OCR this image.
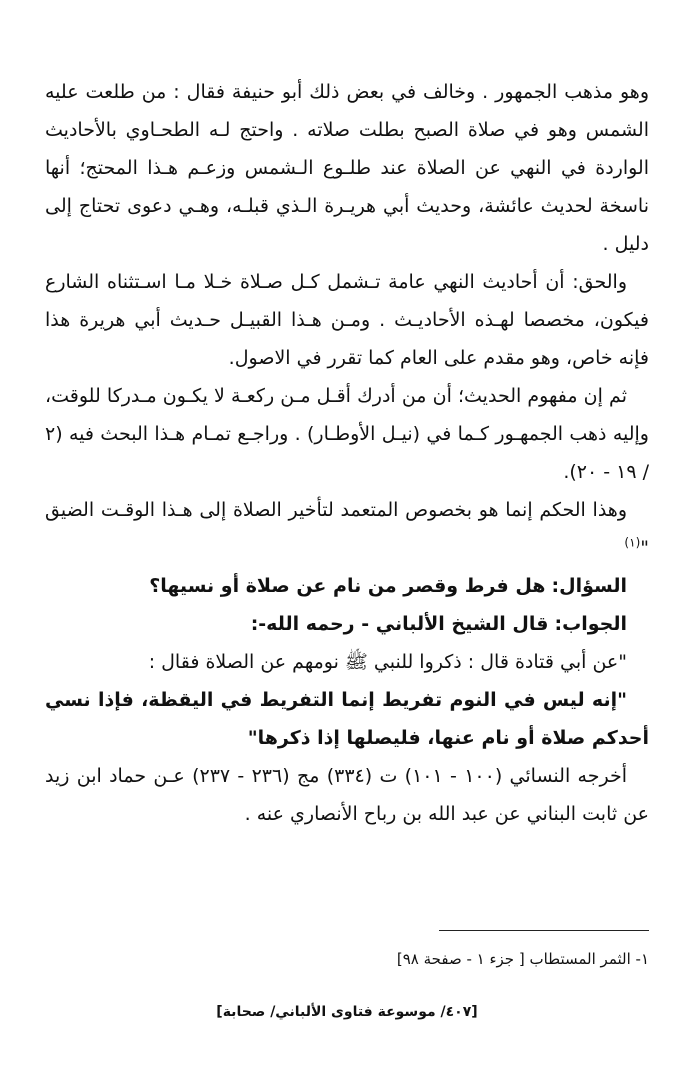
وهو مذهب الجمهور . وخالف في بعض ذلك أبو حنيفة فقال : من طلعت عليه الشمس وهو في صلاة الصبح بطلت صلاته . واحتج لـه الطحـاوي بالأحاديث الواردة في النهي عن الصلاة عند طلـوع الـشمس وزعـم هـذا المحتج؛ أنها ناسخة لحديث عائشة، وحديث أبي هريـرة الـذي قبلـه، وهـي دعوى تحتاج إلى دليل .

والحق: أن أحاديث النهي عامة تـشمل كـل صـلاة خـلا مـا اسـتثناه الشارع فيكون، مخصصا لهـذه الأحاديـث . ومـن هـذا القبيـل حـديث أبي هريرة هذا فإنه خاص، وهو مقدم على العام كما تقرر في الاصول.

ثم إن مفهوم الحديث؛ أن من أدرك أقـل مـن ركعـة لا يكـون مـدركا للوقت، وإليه ذهب الجمهـور كـما في (نيـل الأوطـار) . وراجـع تمـام هـذا البحث فيه (٢ / ١٩ - ٢٠).

وهذا الحكم إنما هو بخصوص المتعمد لتأخير الصلاة إلى هـذا الوقـت الضيق "$^{(١)}$

السؤال: هل فرط وقصر من نام عن صلاة أو نسيها؟

الجواب: قال الشيخ الألباني - رحمه الله-:

"عن أبي قتادة قال : ذكروا للنبي ﷺ نومهم عن الصلاة فقال :

"إنه ليس في النوم تفريط إنما التفريط في اليقظة، فإذا نسي أحدكم صلاة أو نام عنها، فليصلها إذا ذكرها"

أخرجه النسائي (١٠٠ - ١٠١) ت (٣٣٤) مج (٢٣٦ - ٢٣٧) عـن حماد ابن زيد عن ثابت البناني عن عبد الله بن رباح الأنصاري عنه .

١- الثمر المستطاب [ جزء ١ - صفحة ٩٨]
[٤٠٧/ موسوعة فتاوى الألباني/ صحابة]
